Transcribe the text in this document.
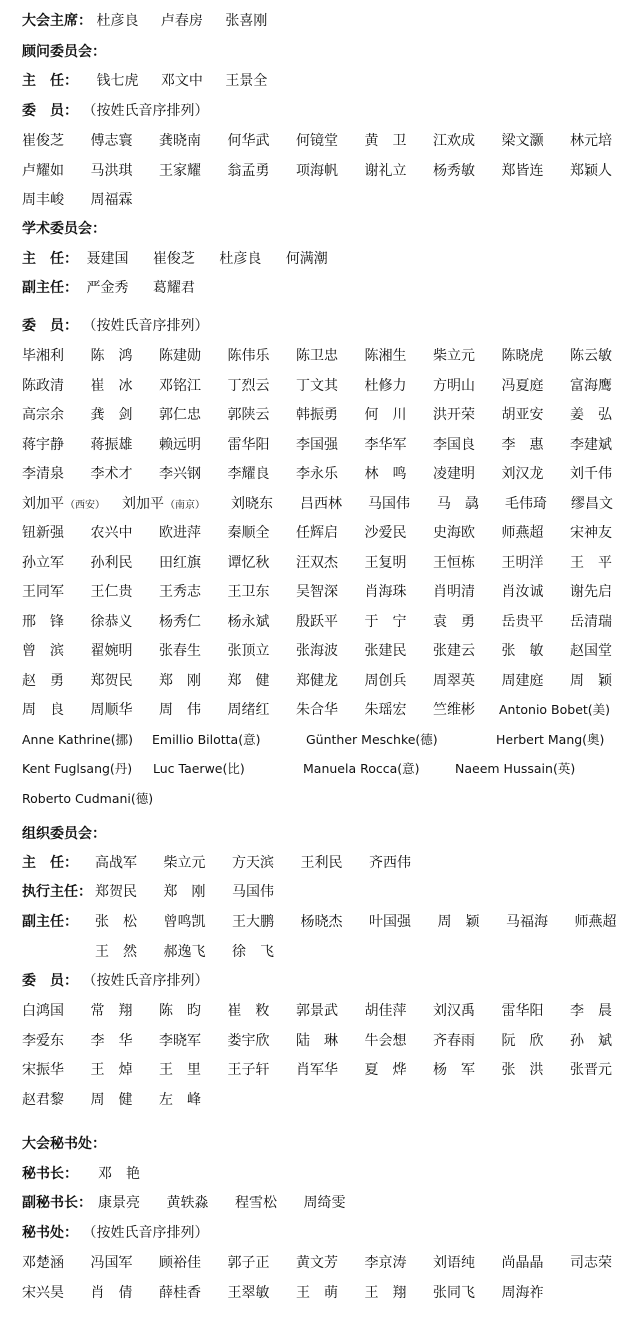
大会主席： 杜彦良 卢春房 张喜刚
顾问委员会：
主　任： 钱七虎 邓文中 王景全
委　员： （按姓氏音序排列）
崔俊芝 傅志寰 龚晓南 何华武 何镜堂 黄　卫 江欢成 梁文灏 林元培
卢耀如 马洪琪 王家耀 翁孟勇 项海帆 谢礼立 杨秀敏 郑皆连 郑颖人
周丰峻 周福霖
学术委员会：
主　任： 聂建国 崔俊芝 杜彦良 何满潮
副主任： 严金秀 葛耀君
委　员： （按姓氏音序排列）
毕湘利 陈　鸿 陈建勋 陈伟乐 陈卫忠 陈湘生 柴立元 陈晓虎 陈云敏
陈政清 崔　冰 邓铭江 丁烈云 丁文其 杜修力 方明山 冯夏庭 富海鹰
高宗余 龚　剑 郭仁忠 郭陕云 韩振勇 何　川 洪开荣 胡亚安 姜　弘
蒋宇静 蒋振雄 赖远明 雷华阳 李国强 李华军 李国良 李　惠 李建斌
李清泉 李术才 李兴钢 李耀良 李永乐 林　鸣 凌建明 刘汉龙 刘千伟
刘加平 （西安） 刘加平 （南京） 刘晓东 吕西林 马国伟 马　骉 毛伟琦 缪昌文
钮新强 农兴中 欧进萍 秦顺全 任辉启 沙爱民 史海欧 师燕超 宋神友
孙立军 孙利民 田红旗 谭忆秋 汪双杰 王复明 王恒栋 王明洋 王　平
王同军 王仁贵 王秀志 王卫东 吴智深 肖海珠 肖明清 肖汝诚 谢先启
邢　锋 徐恭义 杨秀仁 杨永斌 殷跃平 于　宁 袁　勇 岳贵平 岳清瑞
曾　滨 翟婉明 张春生 张顶立 张海波 张建民 张建云 张　敏 赵国堂
赵　勇 郑贺民 郑　刚 郑　健 郑健龙 周创兵 周翠英 周建庭 周　颖
周　良 周顺华 周　伟 周绪红 朱合华 朱瑶宏 竺维彬 Antonio Bobet(美)
Anne Kathrine(挪) Emillio Bilotta(意)	Günther Meschke(德)	Herbert Mang(奥)
Kent Fuglsang(丹) Luc Taerwe(比)	Manuela Rocca(意)	Naeem Hussain(英)
Roberto Cudmani(德)
组织委员会：
主　任： 高战军 柴立元 方天滨 王利民 齐西伟
执行主任： 郑贺民 郑　刚 马国伟
副主任： 张　松 曾鸣凯 王大鹏 杨晓杰 叶国强 周　颖 马福海 师燕超
王　然 郝逸飞 徐　飞
委　员： （按姓氏音序排列）
白鸿国 常　翔 陈　昀 崔　敉 郭景武 胡佳萍 刘汉禹 雷华阳 李　晨
李爱东 李　华 李晓军 娄宇欣 陆　琳 牛会想 齐春雨 阮　欣 孙　斌
宋振华 王　焯 王　里 王子轩 肖军华 夏　烨 杨　军 张　洪 张晋元
赵君黎 周　健 左　峰
大会秘书处：
秘书长： 邓　艳
副秘书长： 康景亮 黄轶淼 程雪松 周绮雯
秘书处： （按姓氏音序排列）
邓楚涵 冯国军 顾裕佳 郭子正 黄文芳 李京涛 刘语纯 尚晶晶 司志荣
宋兴昊 肖　倩 薛桂香 王翠敏 王　萌 王　翔 张同飞 周海祚
